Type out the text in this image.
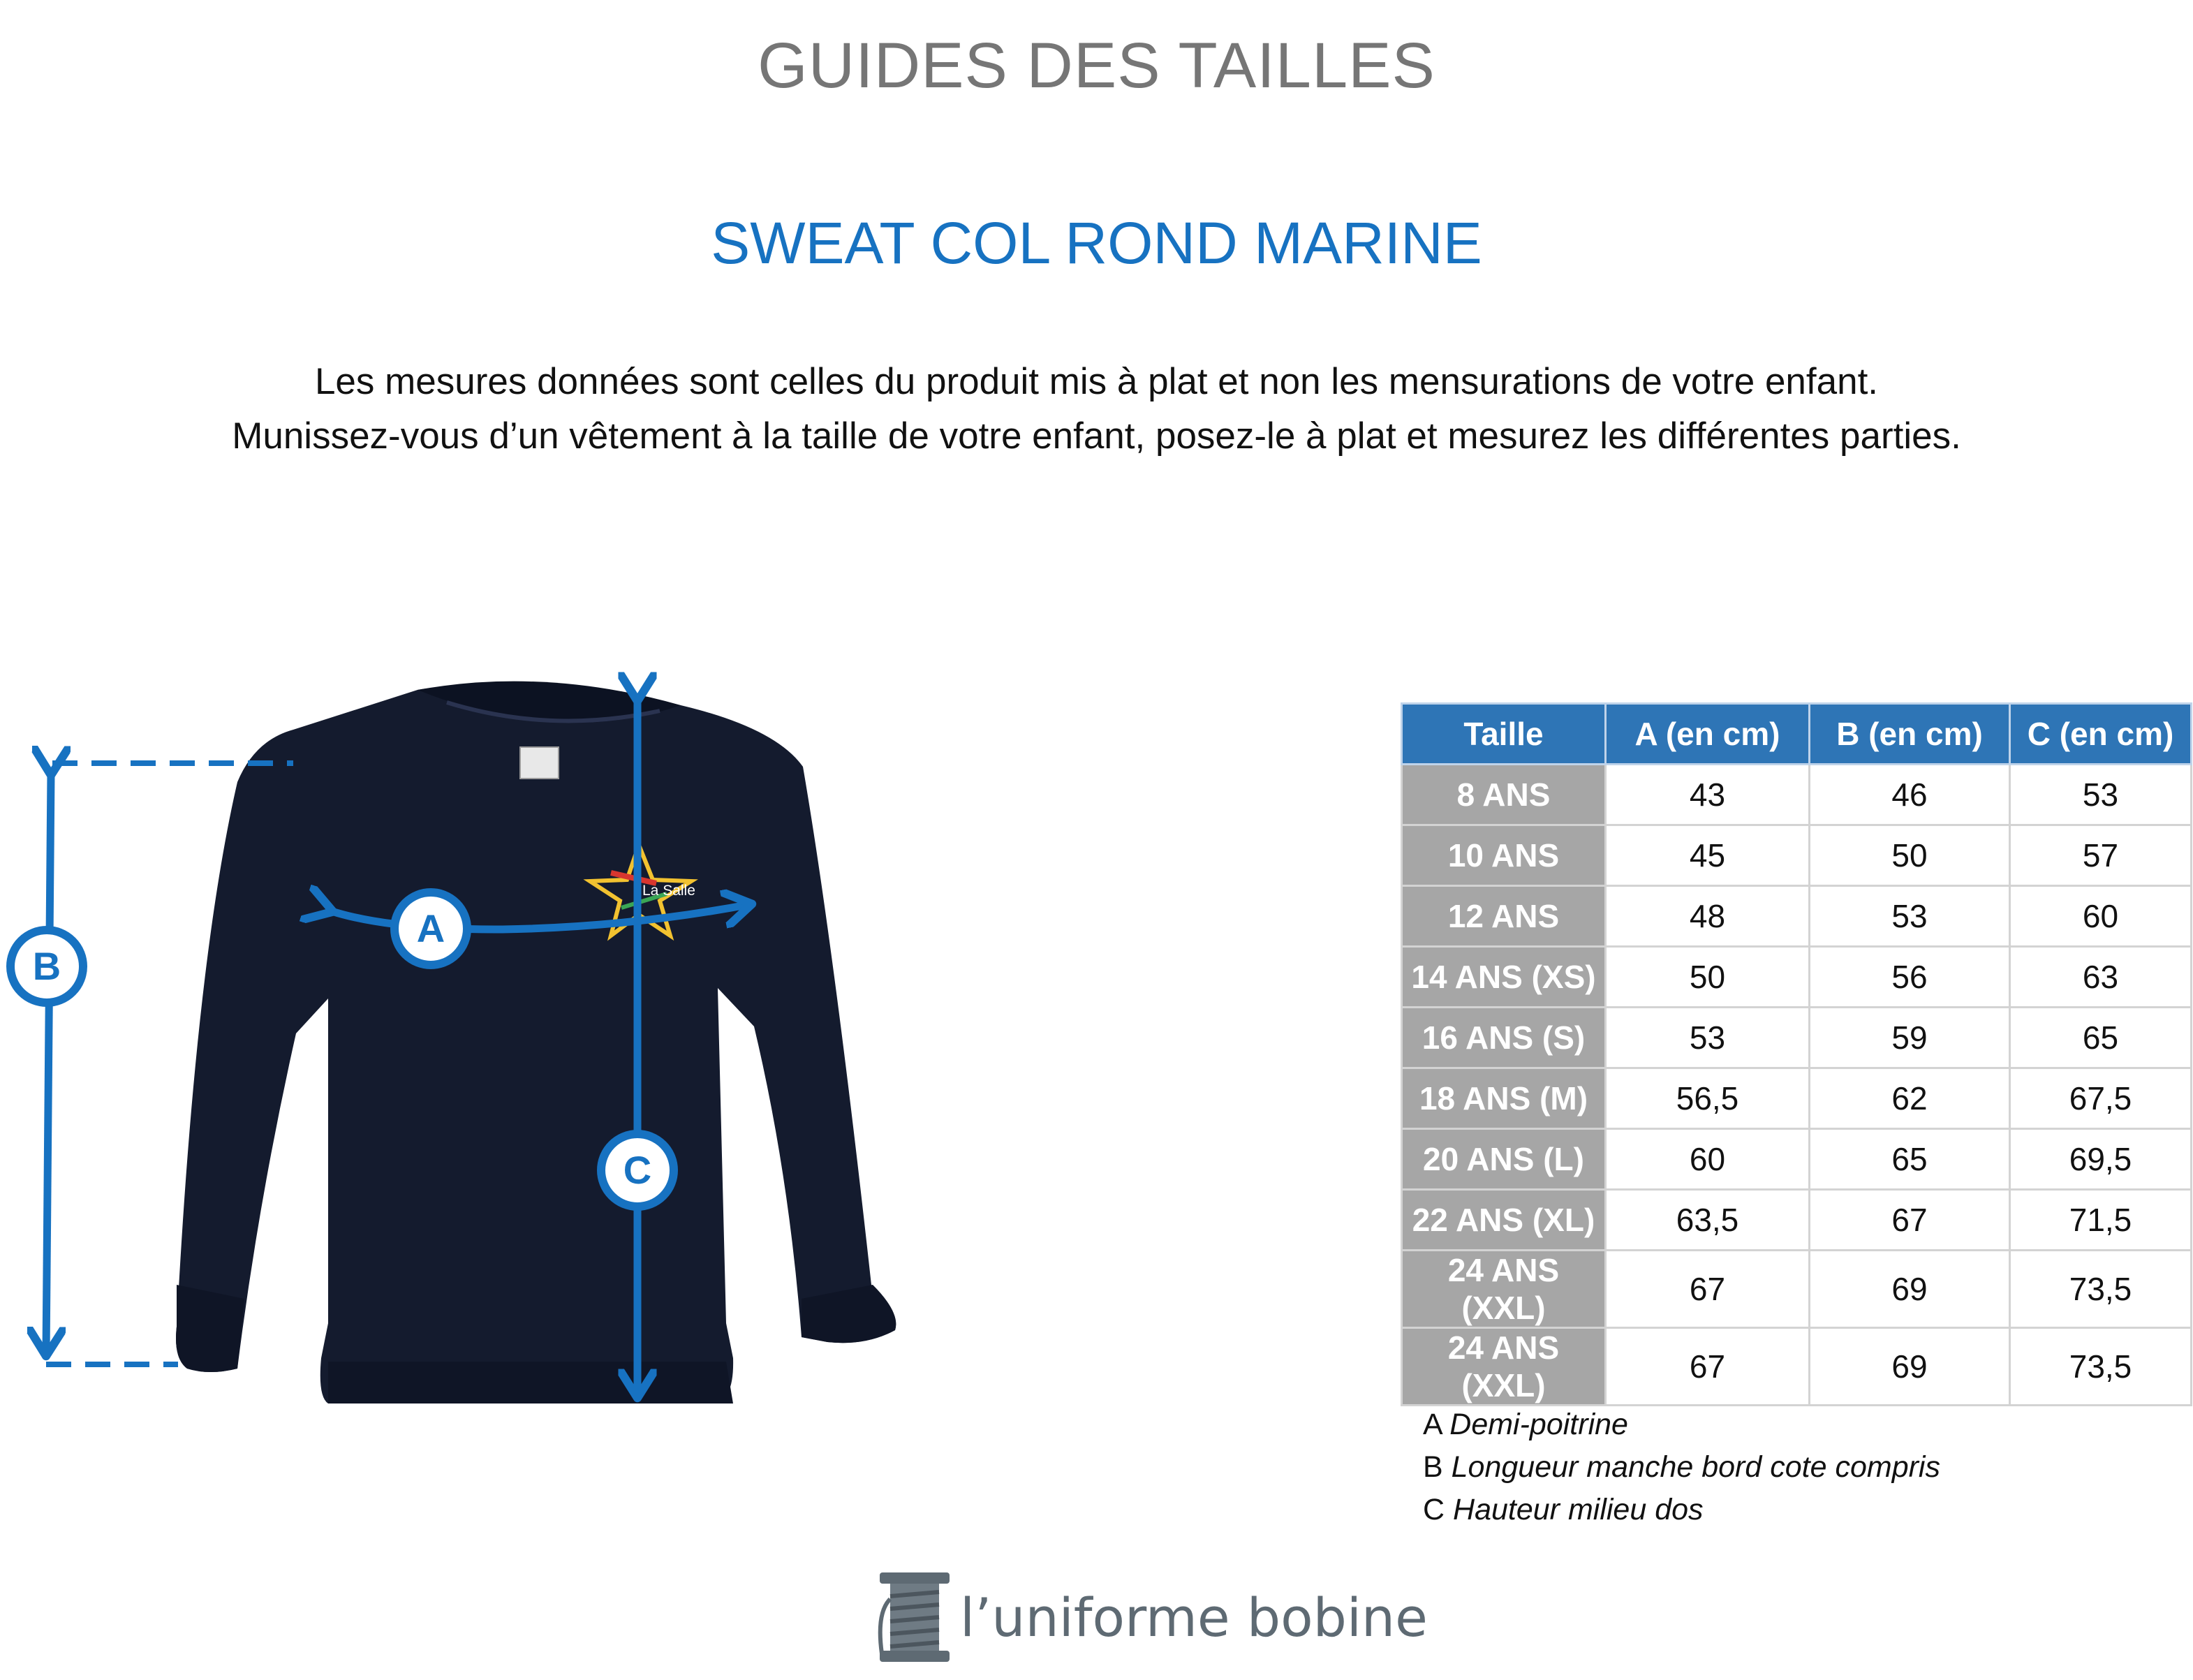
GUIDES DES TAILLES
SWEAT COL ROND MARINE

Les mesures données sont celles du produit mis à plat et non les mensurations de votre enfant.

Munissez-vous d’un vêtement à la taille de votre enfant, posez-le à plat et mesurez les différentes parties.

La Salle
A
B
C
Taille	A (en cm)	B (en cm)	C (en cm)
8 ANS	43	46	53
10 ANS	45	50	57
12 ANS	48	53	60
14 ANS (XS)	50	56	63
16 ANS (S)	53	59	65
18 ANS (M)	56,5	62	67,5
20 ANS (L)	60	65	69,5
22 ANS (XL)	63,5	67	71,5
24 ANS (XXL)	67	69	73,5
24 ANS (XXL)	67	69	73,5
A Demi-poitrine
B Longueur manche bord cote compris
C Hauteur milieu dos
l’uniforme bobine
